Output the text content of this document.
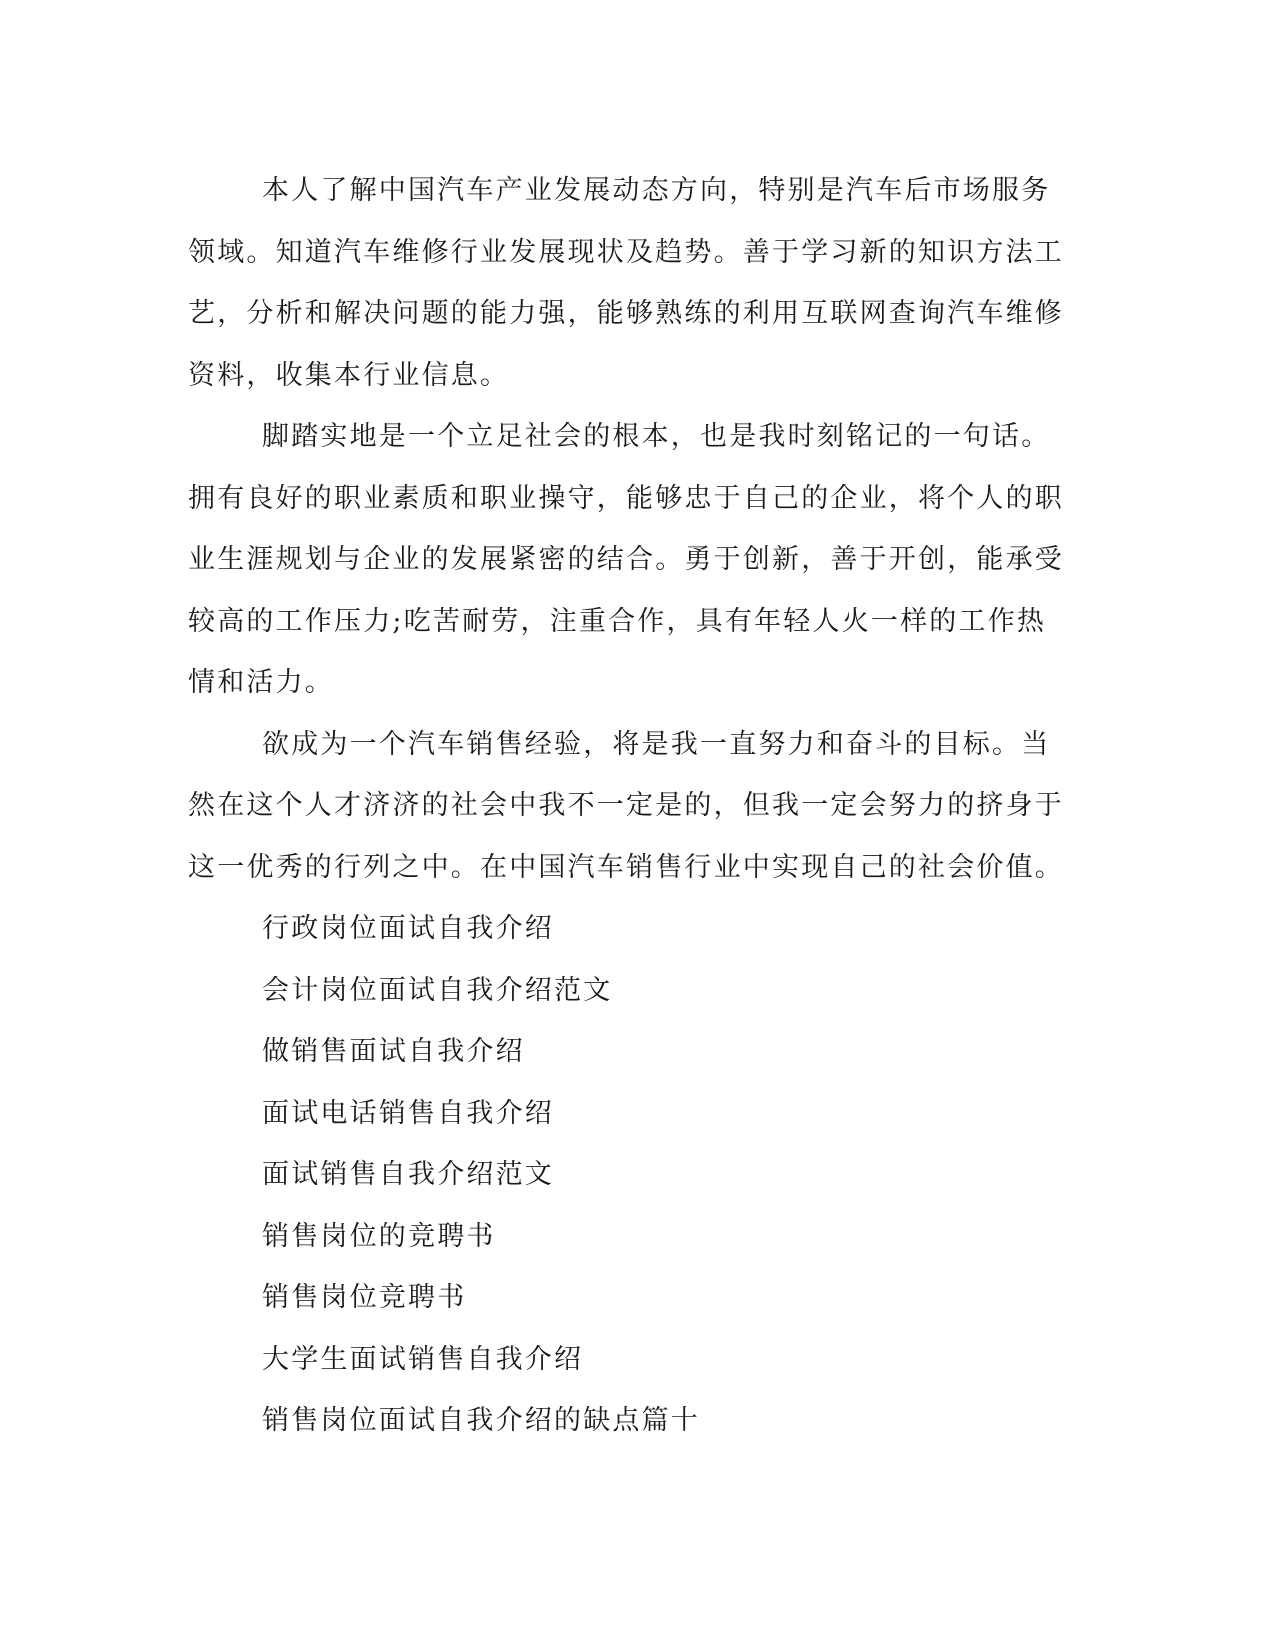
本人了解中国汽车产业发展动态方向，特别是汽车后市场服务领域。知道汽车维修行业发展现状及趋势。善于学习新的知识方法工艺，分析和解决问题的能力强，能够熟练的利用互联网查询汽车维修资料，收集本行业信息。

脚踏实地是一个立足社会的根本，也是我时刻铭记的一句话。拥有良好的职业素质和职业操守，能够忠于自己的企业，将个人的职业生涯规划与企业的发展紧密的结合。勇于创新，善于开创，能承受较高的工作压力;吃苦耐劳，注重合作，具有年轻人火一样的工作热情和活力。

欲成为一个汽车销售经验，将是我一直努力和奋斗的目标。当然在这个人才济济的社会中我不一定是的，但我一定会努力的挤身于这一优秀的行列之中。在中国汽车销售行业中实现自己的社会价值。

行政岗位面试自我介绍

会计岗位面试自我介绍范文

做销售面试自我介绍

面试电话销售自我介绍

面试销售自我介绍范文

销售岗位的竞聘书

销售岗位竞聘书

大学生面试销售自我介绍

销售岗位面试自我介绍的缺点篇十
